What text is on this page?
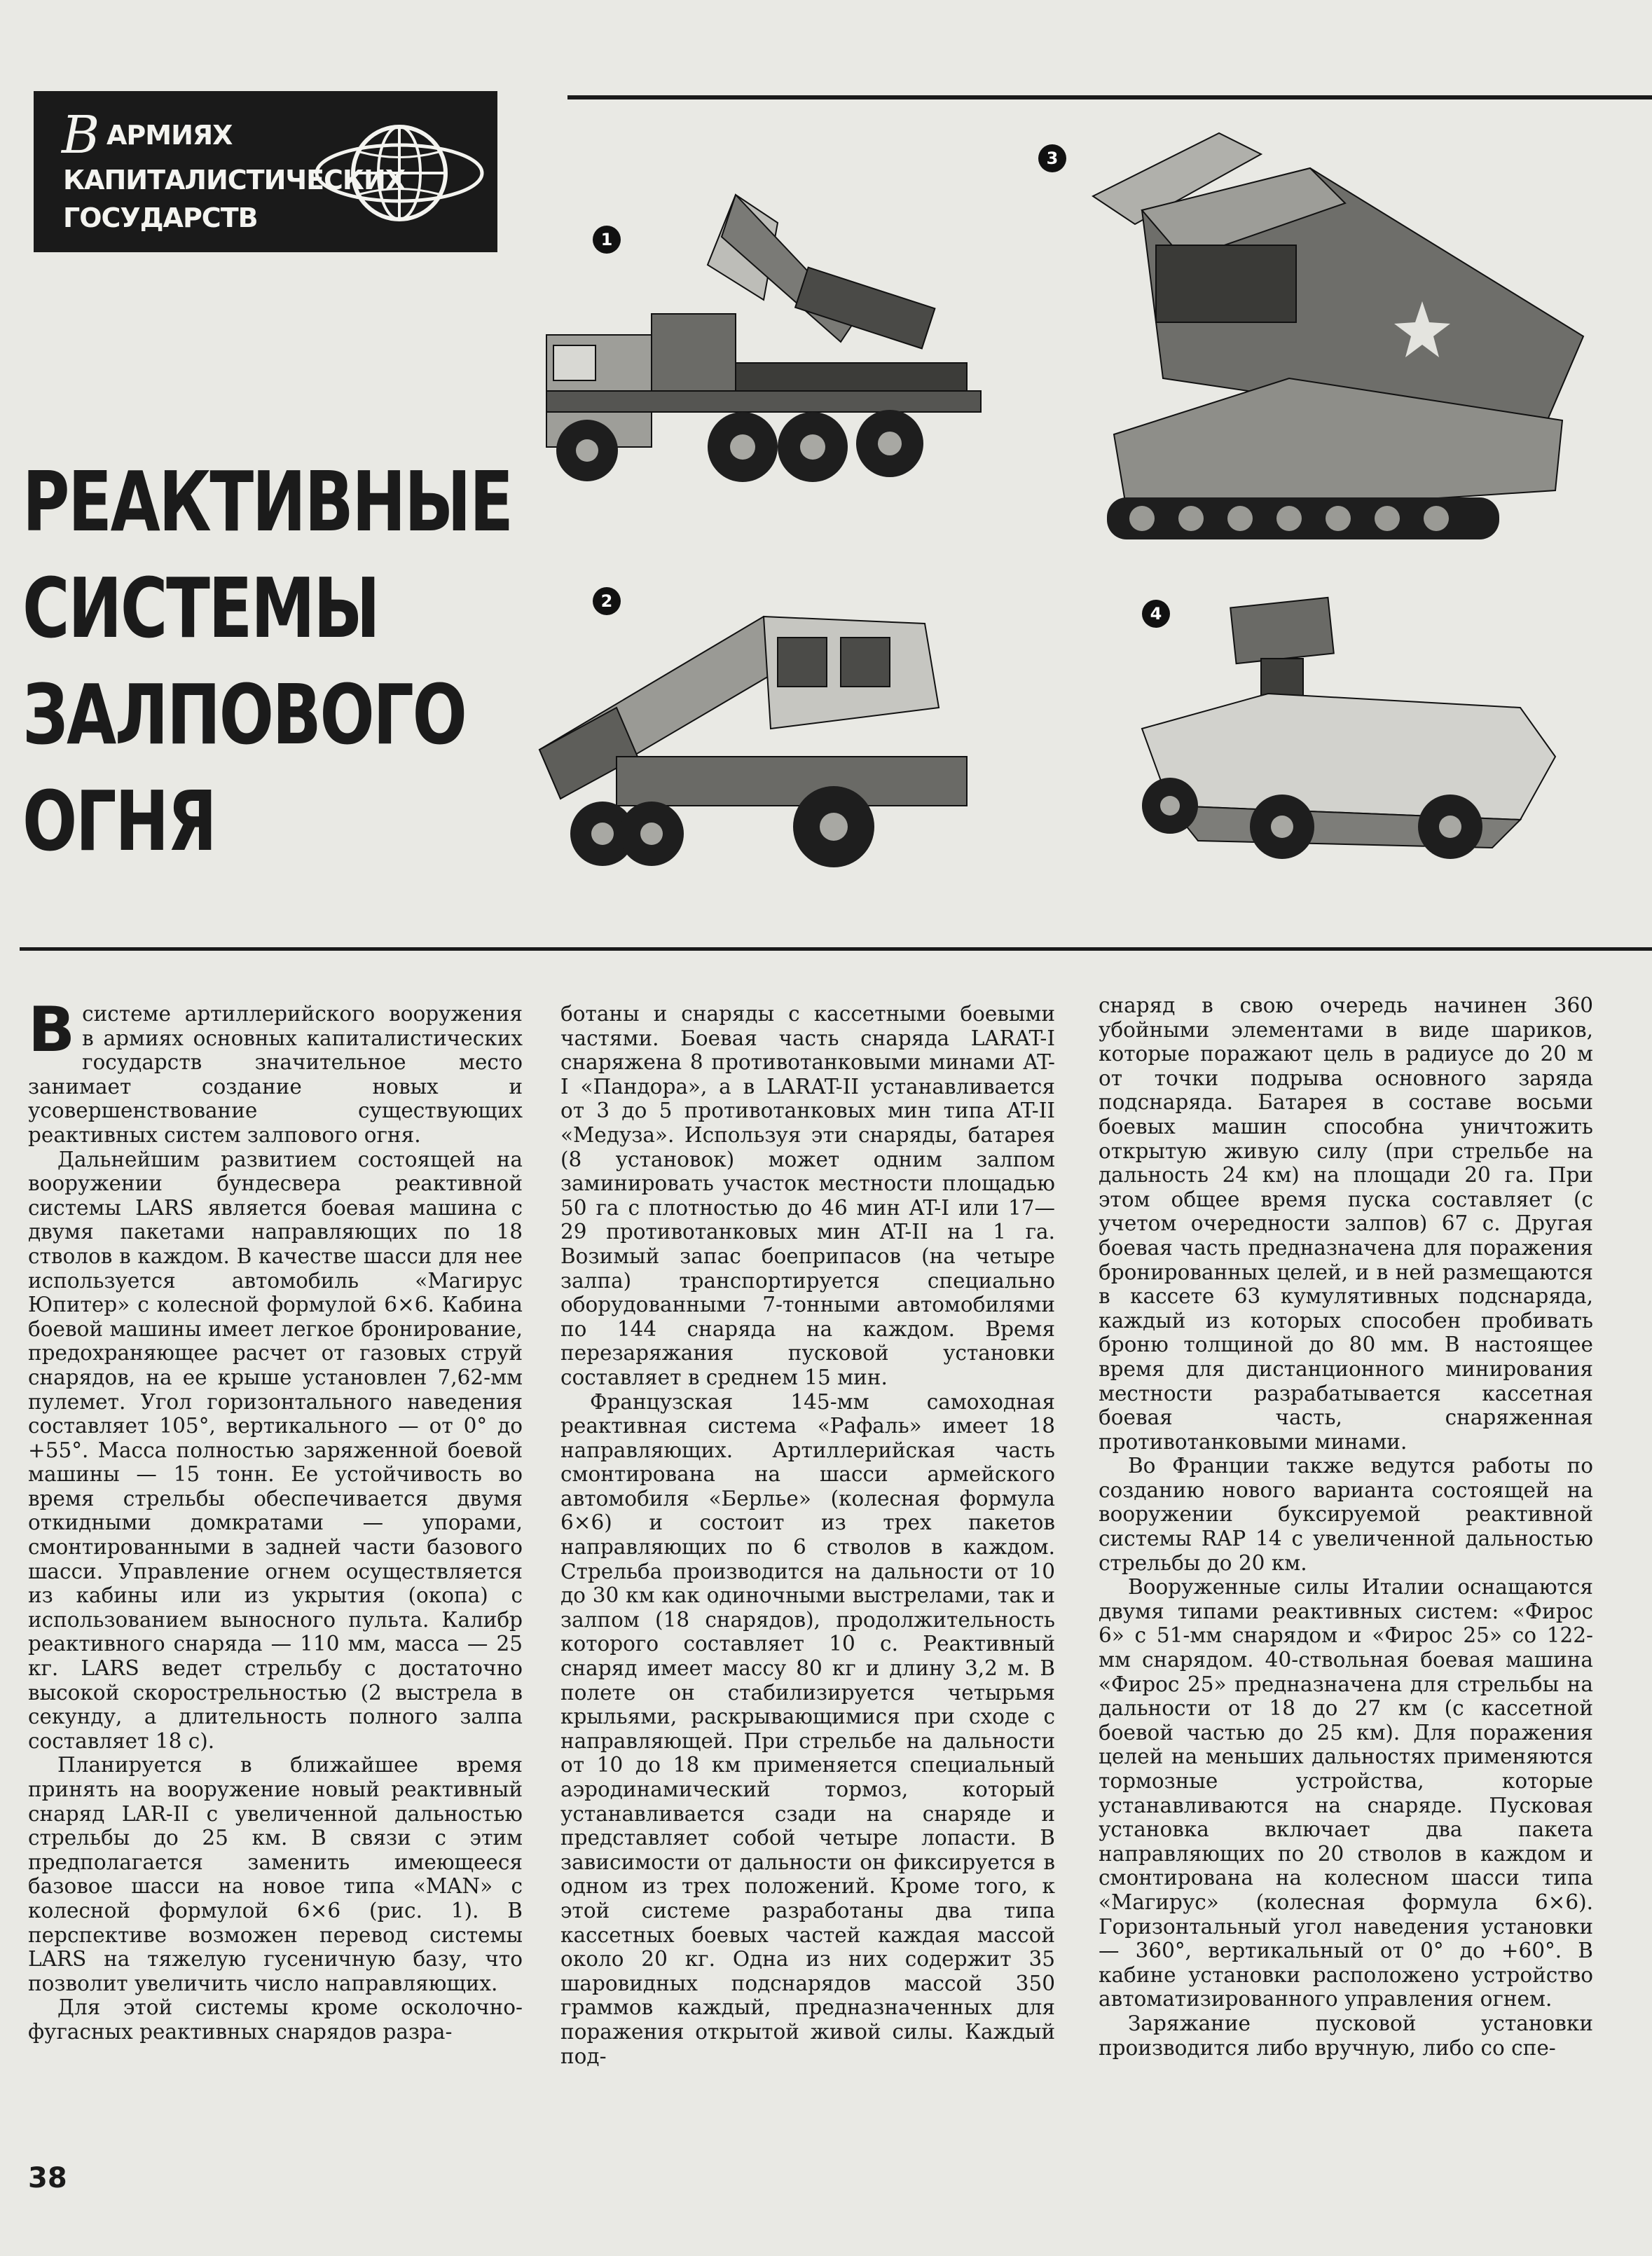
В АРМИЯХ
КАПИТАЛИСТИЧЕСКИХ
ГОСУДАРСТВ
РЕАКТИВНЫЕ
СИСТЕМЫ
ЗАЛПОВОГО
ОГНЯ
1
2
3
4

Всистеме артиллерийского вооружения в армиях основных капиталистических государств значительное место занимает создание новых и усовершенствование существующих реактивных систем залпового огня.

Дальнейшим развитием состоящей на вооружении бундесвера реактивной системы LARS является боевая машина с двумя пакетами направляющих по 18 стволов в каждом. В качестве шасси для нее используется автомобиль «Магирус Юпитер» с колесной формулой 6×6. Кабина боевой машины имеет легкое бронирование, предохраняющее расчет от газовых струй снарядов, на ее крыше установлен 7,62-мм пулемет. Угол горизонтального наведения составляет 105°, вертикального — от 0° до +55°. Масса полностью заряженной боевой машины — 15 тонн. Ее устойчивость во время стрельбы обеспечивается двумя откидными домкратами — упорами, смонтированными в задней части базового шасси. Управление огнем осуществляется из кабины или из укрытия (окопа) с использованием выносного пульта. Калибр реактивного снаряда — 110 мм, масса — 25 кг. LARS ведет стрельбу с достаточно высокой скорострельностью (2 выстрела в секунду, а длительность полного залпа составляет 18 с).

Планируется в ближайшее время принять на вооружение новый реактивный снаряд LAR-II с увеличенной дальностью стрельбы до 25 км. В связи с этим предполагается заменить имеющееся базовое шасси на новое типа «MAN» с колесной формулой 6×6 (рис. 1). В перспективе возможен перевод системы LARS на тяжелую гусеничную базу, что позволит увеличить число направляющих.

Для этой системы кроме осколочно-фугасных реактивных снарядов разра-

ботаны и снаряды с кассетными боевыми частями. Боевая часть снаряда LARAT-I снаряжена 8 противотанковыми минами AT-I «Пандора», а в LARAT-II устанавливается от 3 до 5 противотанковых мин типа AT-II «Медуза». Используя эти снаряды, батарея (8 установок) может одним залпом заминировать участок местности площадью 50 га с плотностью до 46 мин AT-I или 17—29 противотанковых мин AT-II на 1 га. Возимый запас боеприпасов (на четыре залпа) транспортируется специально оборудованными 7-тонными автомобилями по 144 снаряда на каждом. Время перезаряжания пусковой установки составляет в среднем 15 мин.

Французская 145-мм самоходная реактивная система «Рафаль» имеет 18 направляющих. Артиллерийская часть смонтирована на шасси армейского автомобиля «Берлье» (колесная формула 6×6) и состоит из трех пакетов направляющих по 6 стволов в каждом. Стрельба производится на дальности от 10 до 30 км как одиночными выстрелами, так и залпом (18 снарядов), продолжительность которого составляет 10 с. Реактивный снаряд имеет массу 80 кг и длину 3,2 м. В полете он стабилизируется четырьмя крыльями, раскрывающимися при сходе с направляющей. При стрельбе на дальности от 10 до 18 км применяется специальный аэродинамический тормоз, который устанавливается сзади на снаряде и представляет собой четыре лопасти. В зависимости от дальности он фиксируется в одном из трех положений. Кроме того, к этой системе разработаны два типа кассетных боевых частей каждая массой около 20 кг. Одна из них содержит 35 шаровидных подснарядов массой 350 граммов каждый, предназначенных для поражения открытой живой силы. Каждый под-

снаряд в свою очередь начинен 360 убойными элементами в виде шариков, которые поражают цель в радиусе до 20 м от точки подрыва основного заряда подснаряда. Батарея в составе восьми боевых машин способна уничтожить открытую живую силу (при стрельбе на дальность 24 км) на площади 20 га. При этом общее время пуска составляет (с учетом очередности залпов) 67 с. Другая боевая часть предназначена для поражения бронированных целей, и в ней размещаются в кассете 63 кумулятивных подснаряда, каждый из которых способен пробивать броню толщиной до 80 мм. В настоящее время для дистанционного минирования местности разрабатывается кассетная боевая часть, снаряженная противотанковыми минами.

Во Франции также ведутся работы по созданию нового варианта состоящей на вооружении буксируемой реактивной системы RAP 14 с увеличенной дальностью стрельбы до 20 км.

Вооруженные силы Италии оснащаются двумя типами реактивных систем: «Фирос 6» с 51-мм снарядом и «Фирос 25» со 122-мм снарядом. 40-ствольная боевая машина «Фирос 25» предназначена для стрельбы на дальности от 18 до 27 км (с кассетной боевой частью до 25 км). Для поражения целей на меньших дальностях применяются тормозные устройства, которые устанавливаются на снаряде. Пусковая установка включает два пакета направляющих по 20 стволов в каждом и смонтирована на колесном шасси типа «Магирус» (колесная формула 6×6). Горизонтальный угол наведения установки — 360°, вертикальный от 0° до +60°. В кабине установки расположено устройство автоматизированного управления огнем.

Заряжание пусковой установки производится либо вручную, либо со спе-

38
